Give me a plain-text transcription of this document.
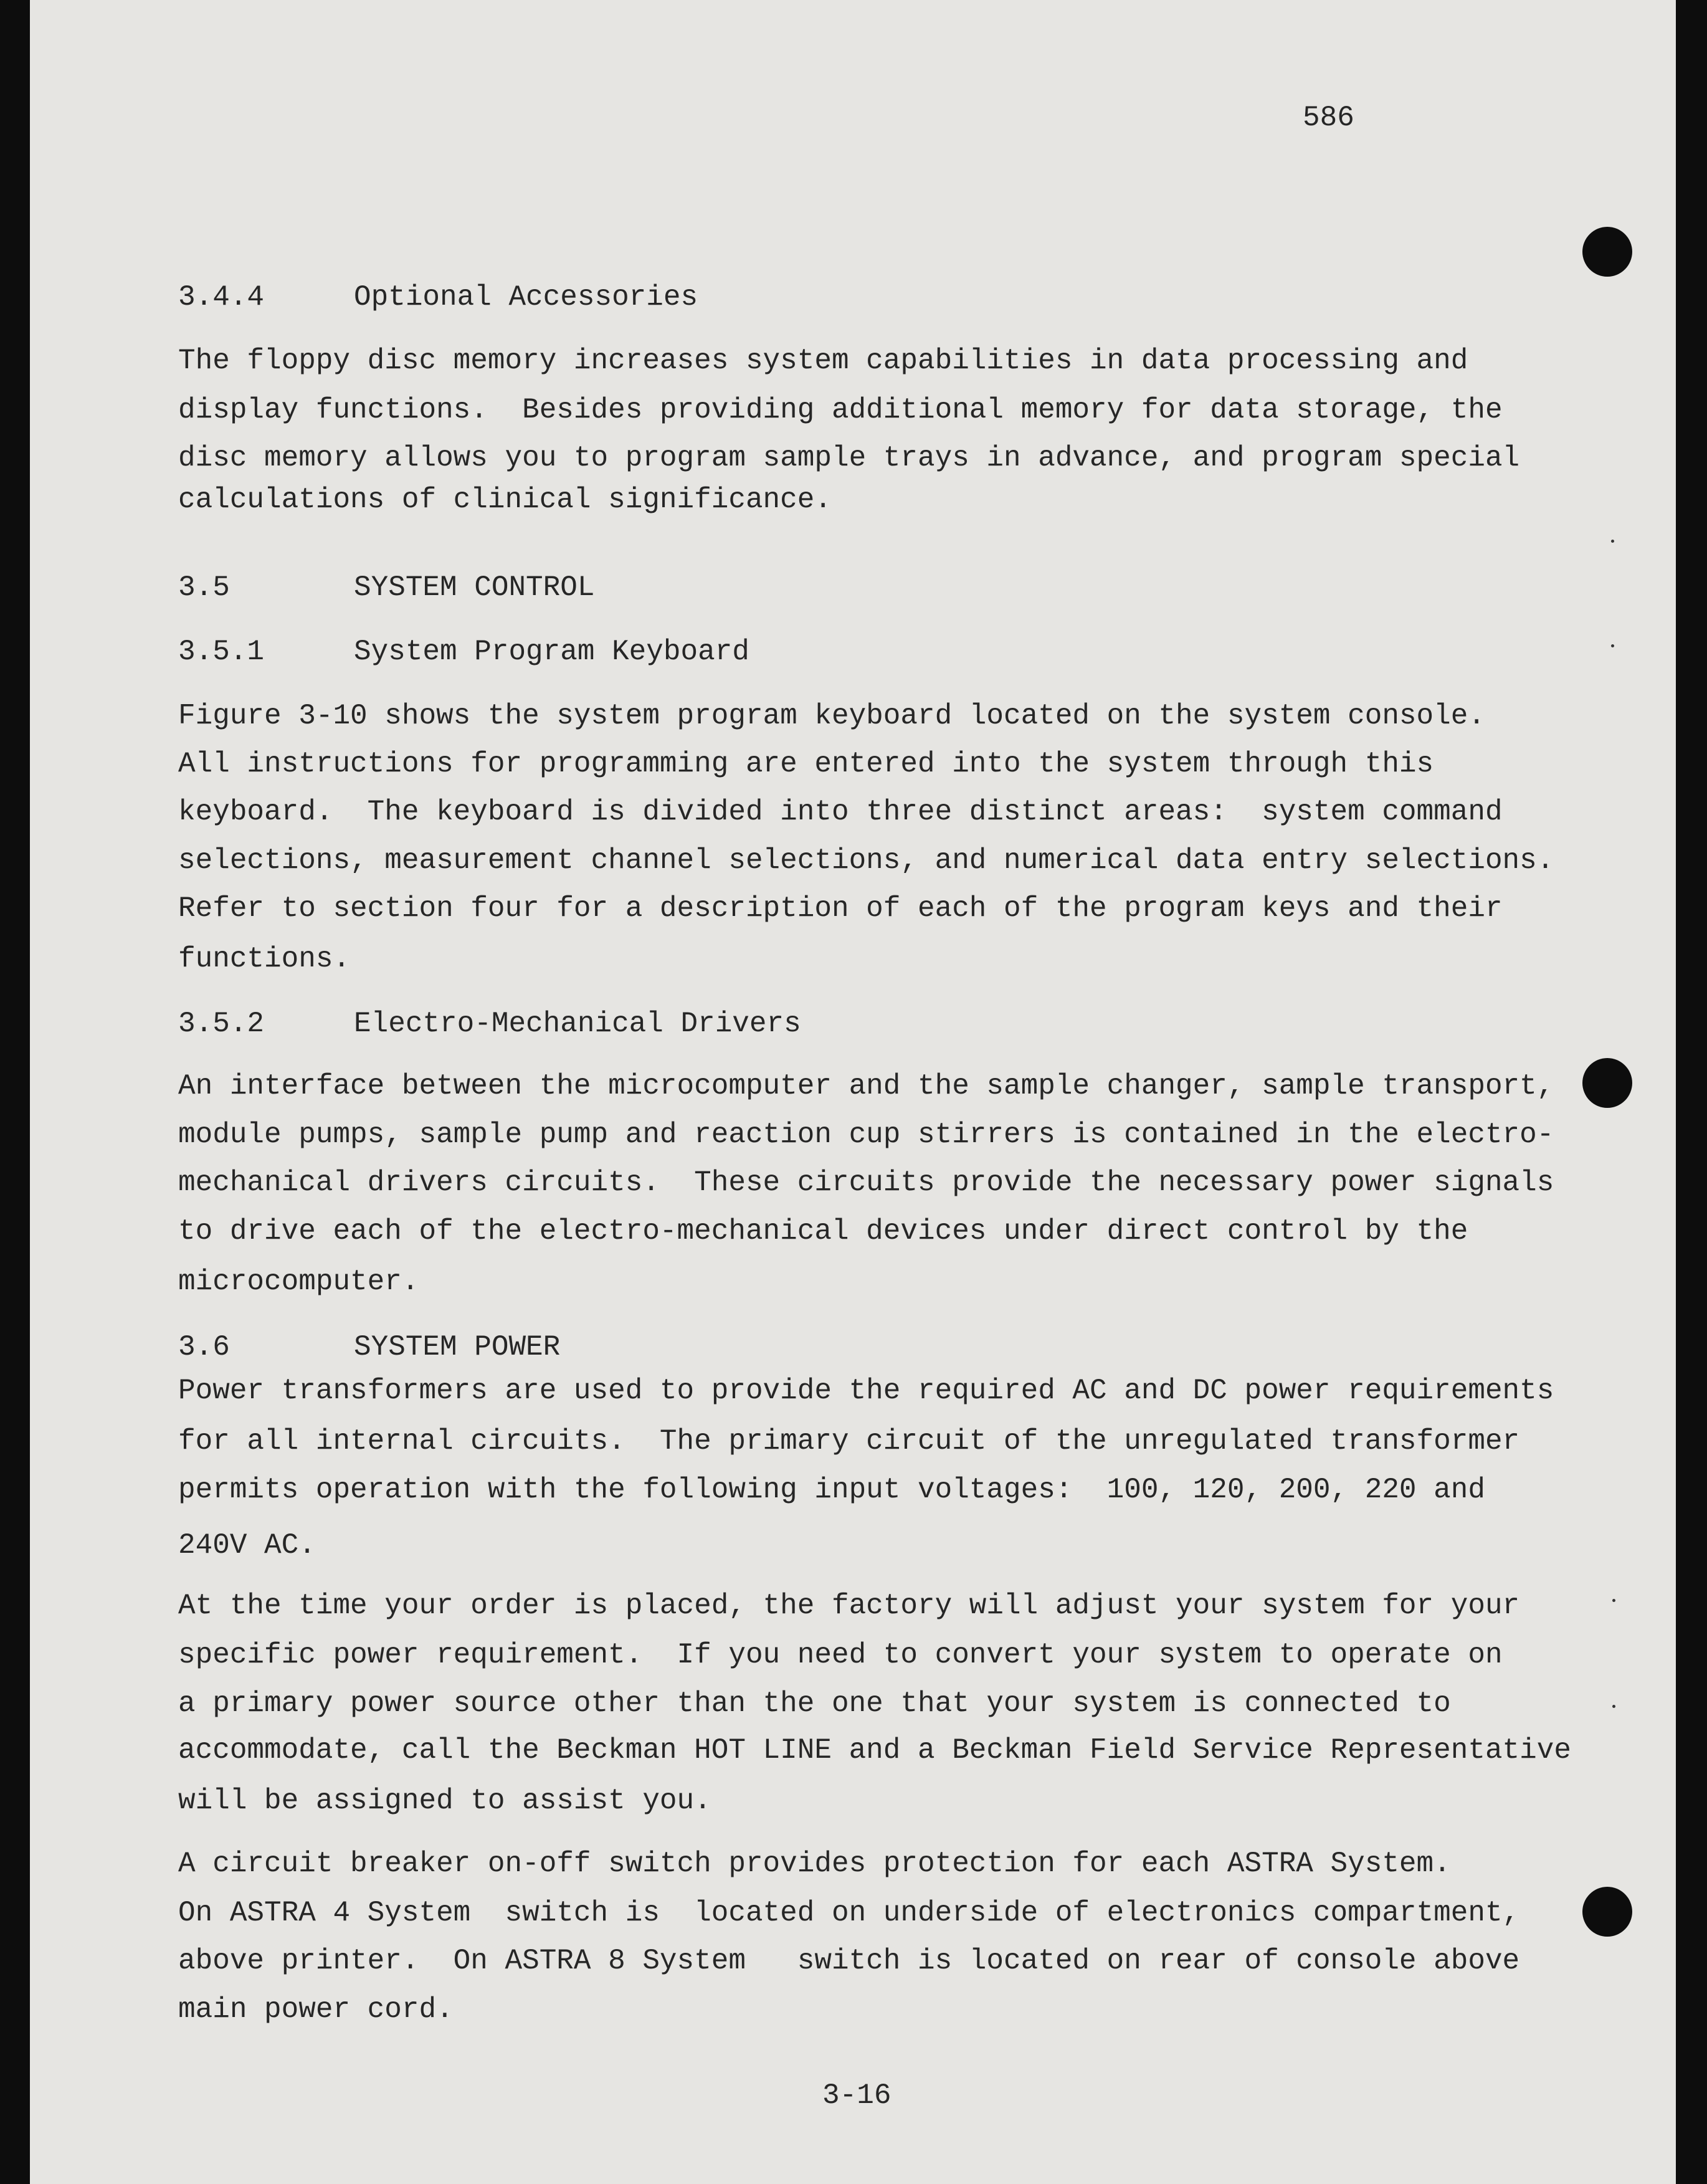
586
3.4.4	Optional Accessories
The floppy disc memory increases system capabilities in data processing and
display functions.  Besides providing additional memory for data storage, the
disc memory allows you to program sample trays in advance, and program special
calculations of clinical significance.
3.5	SYSTEM CONTROL
3.5.1	System Program Keyboard
Figure 3-10 shows the system program keyboard located on the system console.
All instructions for programming are entered into the system through this
keyboard.  The keyboard is divided into three distinct areas:  system command
selections, measurement channel selections, and numerical data entry selections.
Refer to section four for a description of each of the program keys and their
functions.
3.5.2	Electro-Mechanical Drivers
An interface between the microcomputer and the sample changer, sample transport,
module pumps, sample pump and reaction cup stirrers is contained in the electro-
mechanical drivers circuits.  These circuits provide the necessary power signals
to drive each of the electro-mechanical devices under direct control by the
microcomputer.
3.6	SYSTEM POWER
Power transformers are used to provide the required AC and DC power requirements
for all internal circuits.  The primary circuit of the unregulated transformer
permits operation with the following input voltages:  100, 120, 200, 220 and
240V AC.
At the time your order is placed, the factory will adjust your system for your
specific power requirement.  If you need to convert your system to operate on
a primary power source other than the one that your system is connected to
accommodate, call the Beckman HOT LINE and a Beckman Field Service Representative
will be assigned to assist you.
A circuit breaker on-off switch provides protection for each ASTRA System.
On ASTRA 4 System  switch is  located on underside of electronics compartment,
above printer.  On ASTRA 8 System   switch is located on rear of console above
main power cord.
3-16
